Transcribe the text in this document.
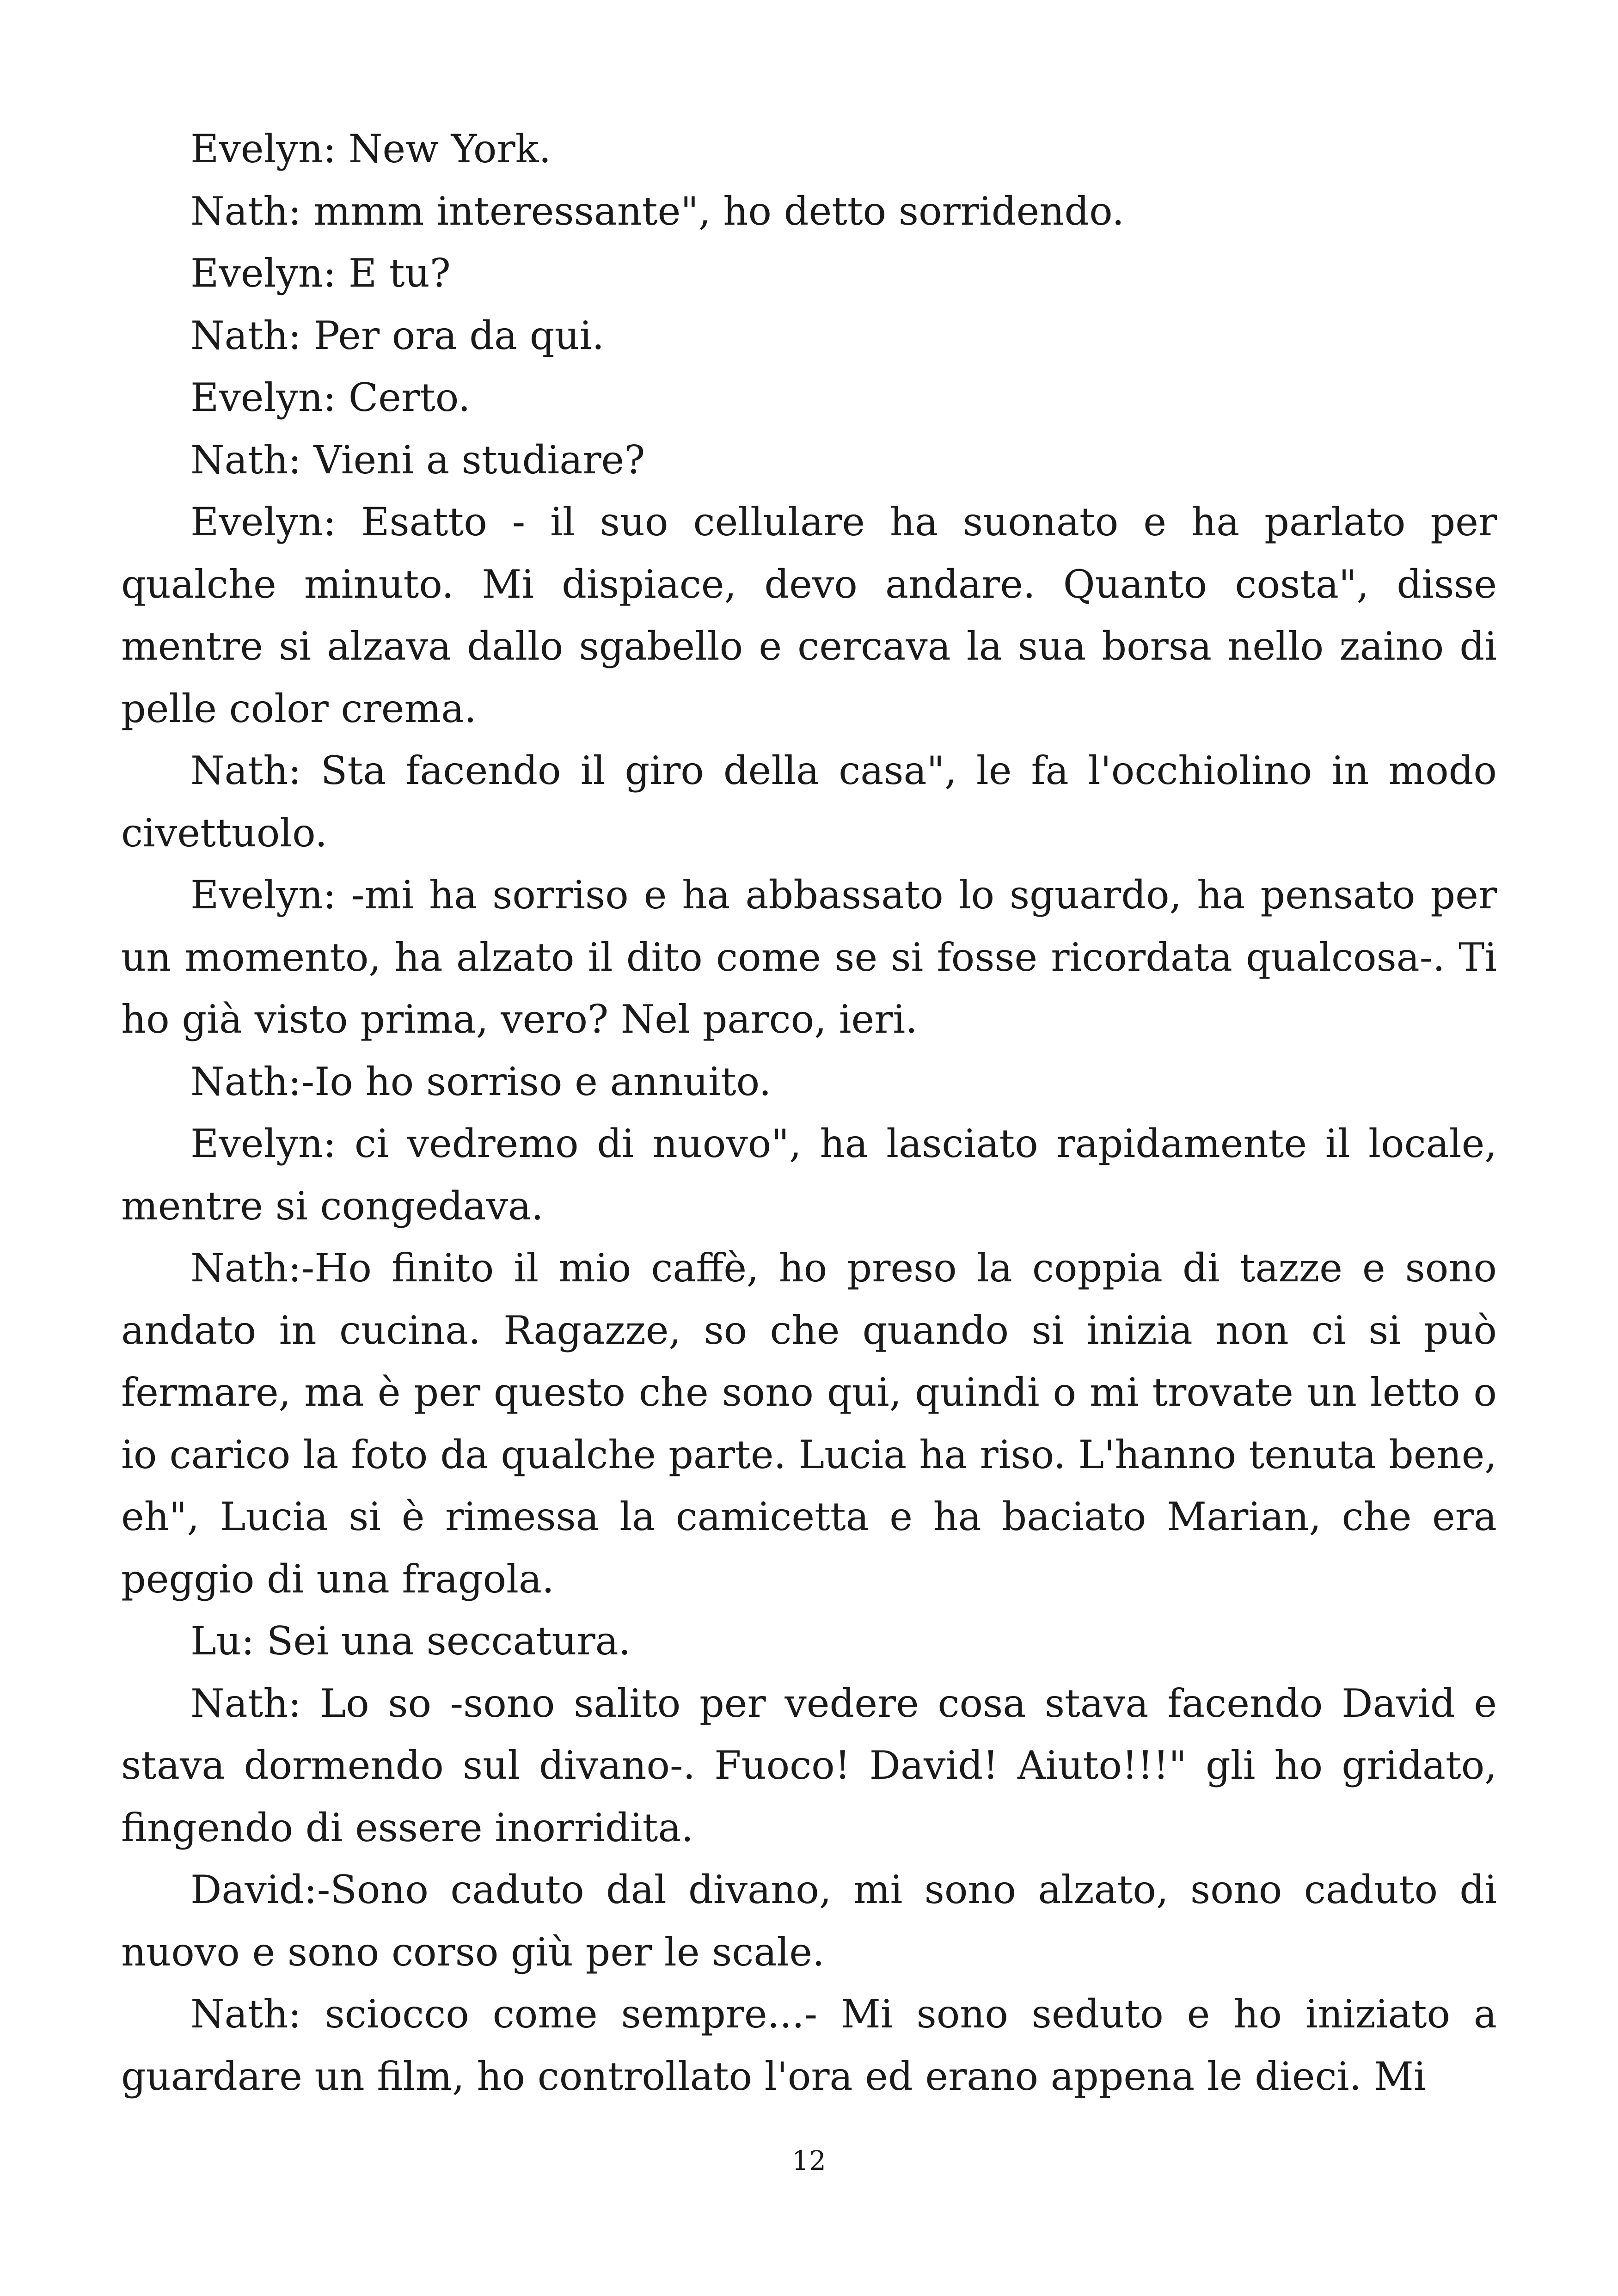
Evelyn: New York.

Nath: mmm interessante", ho detto sorridendo.

Evelyn: E tu?

Nath: Per ora da qui.

Evelyn: Certo.

Nath: Vieni a studiare?

Evelyn: Esatto - il suo cellulare ha suonato e ha parlato per qualche minuto. Mi dispiace, devo andare. Quanto costa", disse mentre si alzava dallo sgabello e cercava la sua borsa nello zaino di pelle color crema.

Nath: Sta facendo il giro della casa", le fa l'occhiolino in modo civettuolo.

Evelyn: -mi ha sorriso e ha abbassato lo sguardo, ha pensato per un momento, ha alzato il dito come se si fosse ricordata qualcosa-. Ti ho già visto prima, vero? Nel parco, ieri.

Nath:-Io ho sorriso e annuito.

Evelyn: ci vedremo di nuovo", ha lasciato rapidamente il locale, mentre si congedava.

Nath:-Ho finito il mio caffè, ho preso la coppia di tazze e sono andato in cucina. Ragazze, so che quando si inizia non ci si può fermare, ma è per questo che sono qui, quindi o mi trovate un letto o io carico la foto da qualche parte. Lucia ha riso. L'hanno tenuta bene, eh", Lucia si è rimessa la camicetta e ha baciato Marian, che era peggio di una fragola.

Lu: Sei una seccatura.

Nath: Lo so -sono salito per vedere cosa stava facendo David e stava dormendo sul divano-. Fuoco! David! Aiuto!!!" gli ho gridato, fingendo di essere inorridita.

David:-Sono caduto dal divano, mi sono alzato, sono caduto di nuovo e sono corso giù per le scale.

Nath: sciocco come sempre...- Mi sono seduto e ho iniziato a guardare un film, ho controllato l'ora ed erano appena le dieci. Mi

12
